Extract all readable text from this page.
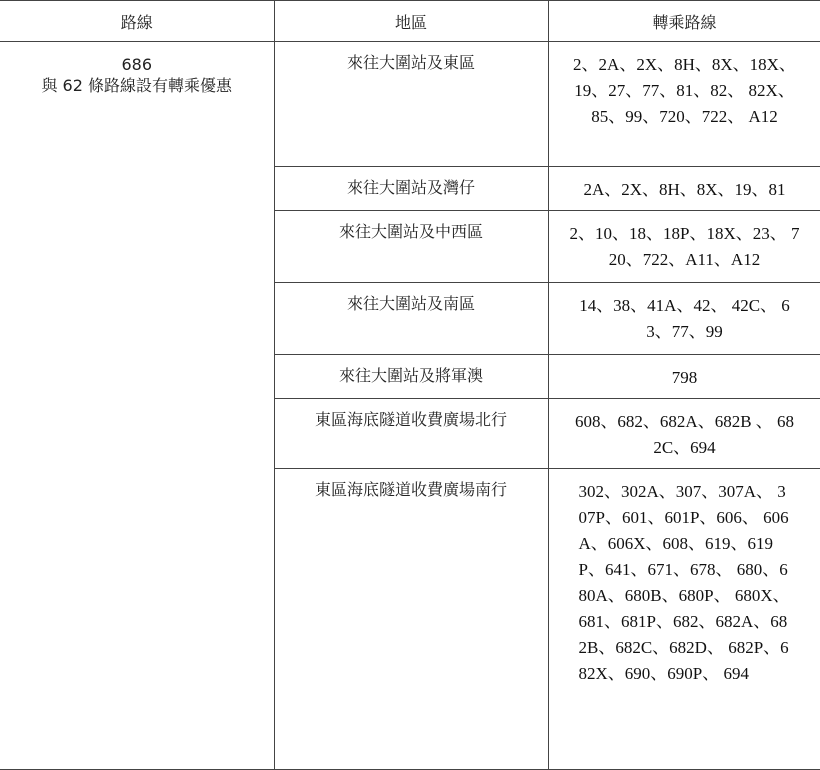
路線	地區	轉乘路線

686
與 62 條路線設有轉乘優惠	來往大圍站及東區	2、2A、2X、8H、8X、18X、19、27、77、81、82、 82X、85、99、720、722、 A12
	來往大圍站及灣仔	2A、2X、8H、8X、19、81
	來往大圍站及中西區	2、10、18、18P、18X、23、 720、722、A11、A12
	來往大圍站及南區	14、38、41A、42、 42C、 63、77、99
	來往大圍站及將軍澳	798
	東區海底隧道收費廣場北行	608、682、682A、682B 、 682C、694
	東區海底隧道收費廣場南行	302、302A、307、307A、 307P、601、601P、606、 606A、606X、608、619、619P、641、671、678、 680、680A、680B、680P、 680X、681、681P、682、682A、682B、682C、682D、 682P、682X、690、690P、 694
